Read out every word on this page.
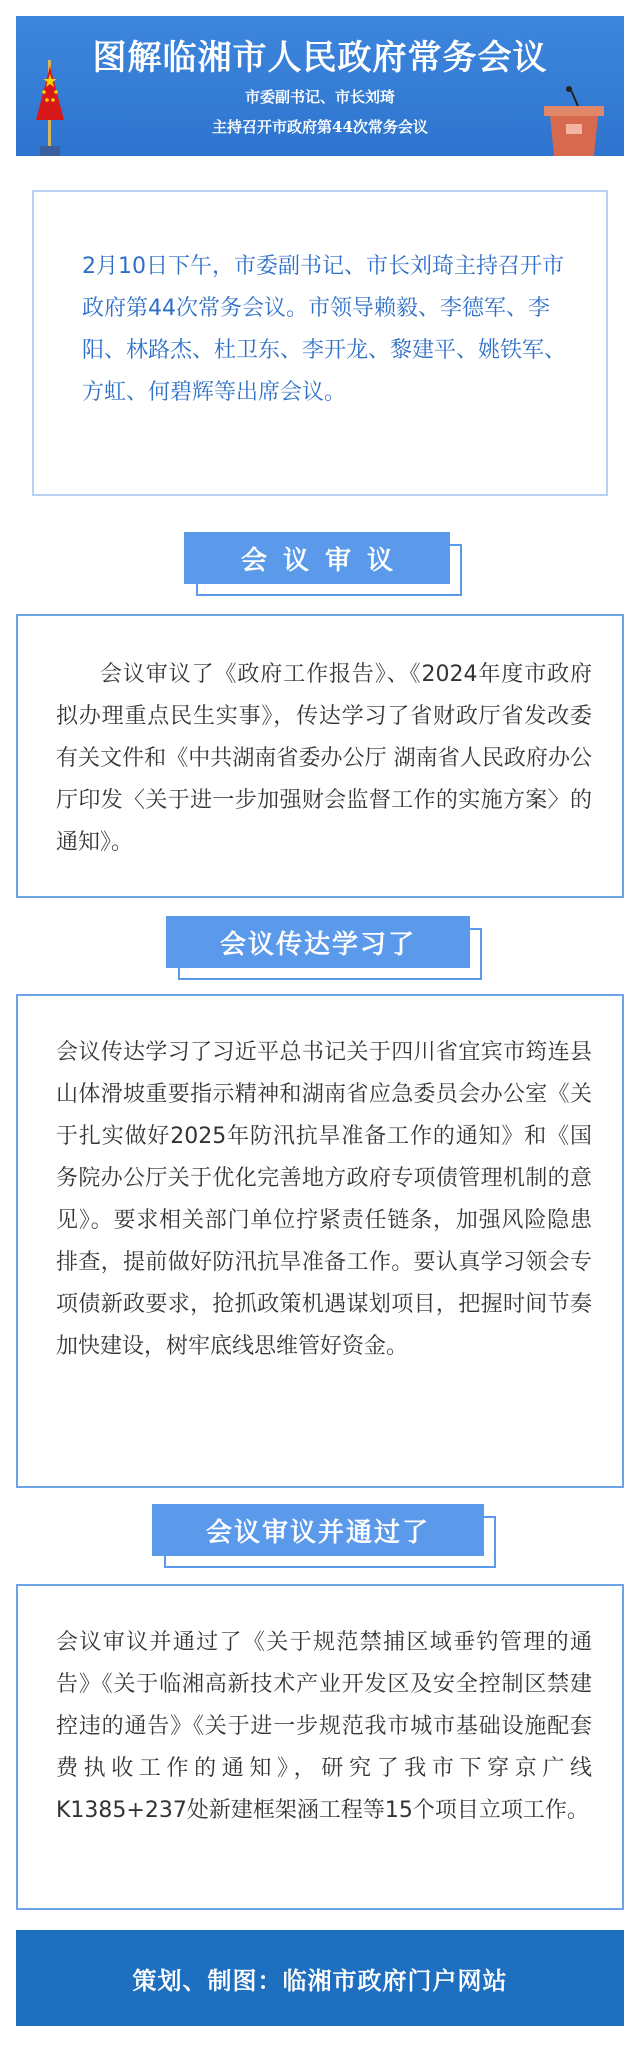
图解临湘市人民政府常务会议
市委副书记、市长刘琦
主持召开市政府第44次常务会议
2月10日下午，市委副书记、市长刘琦主持召开市政府第44次常务会议。市领导赖毅、李德军、李阳、林路杰、杜卫东、李开龙、黎建平、姚铁军、方虹、何碧辉等出席会议。
会议审议
会议审议了《政府工作报告》、《2024年度市政府拟办理重点民生实事》，传达学习了省财政厅省发改委有关文件和《中共湖南省委办公厅 湖南省人民政府办公厅印发〈关于进一步加强财会监督工作的实施方案〉的通知》。
会议传达学习了
会议传达学习了习近平总书记关于四川省宜宾市筠连县山体滑坡重要指示精神和湖南省应急委员会办公室《关于扎实做好2025年防汛抗旱准备工作的通知》和《国务院办公厅关于优化完善地方政府专项债管理机制的意见》。要求相关部门单位拧紧责任链条，加强风险隐患排查，提前做好防汛抗旱准备工作。要认真学习领会专项债新政要求，抢抓政策机遇谋划项目，把握时间节奏加快建设，树牢底线思维管好资金。
会议审议并通过了
会议审议并通过了《关于规范禁捕区域垂钓管理的通告》《关于临湘高新技术产业开发区及安全控制区禁建控违的通告》《关于进一步规范我市城市基础设施配套费执收工作的通知》，研究了我市下穿京广线K1385+237处新建框架涵工程等15个项目立项工作。
策划、制图：临湘市政府门户网站
